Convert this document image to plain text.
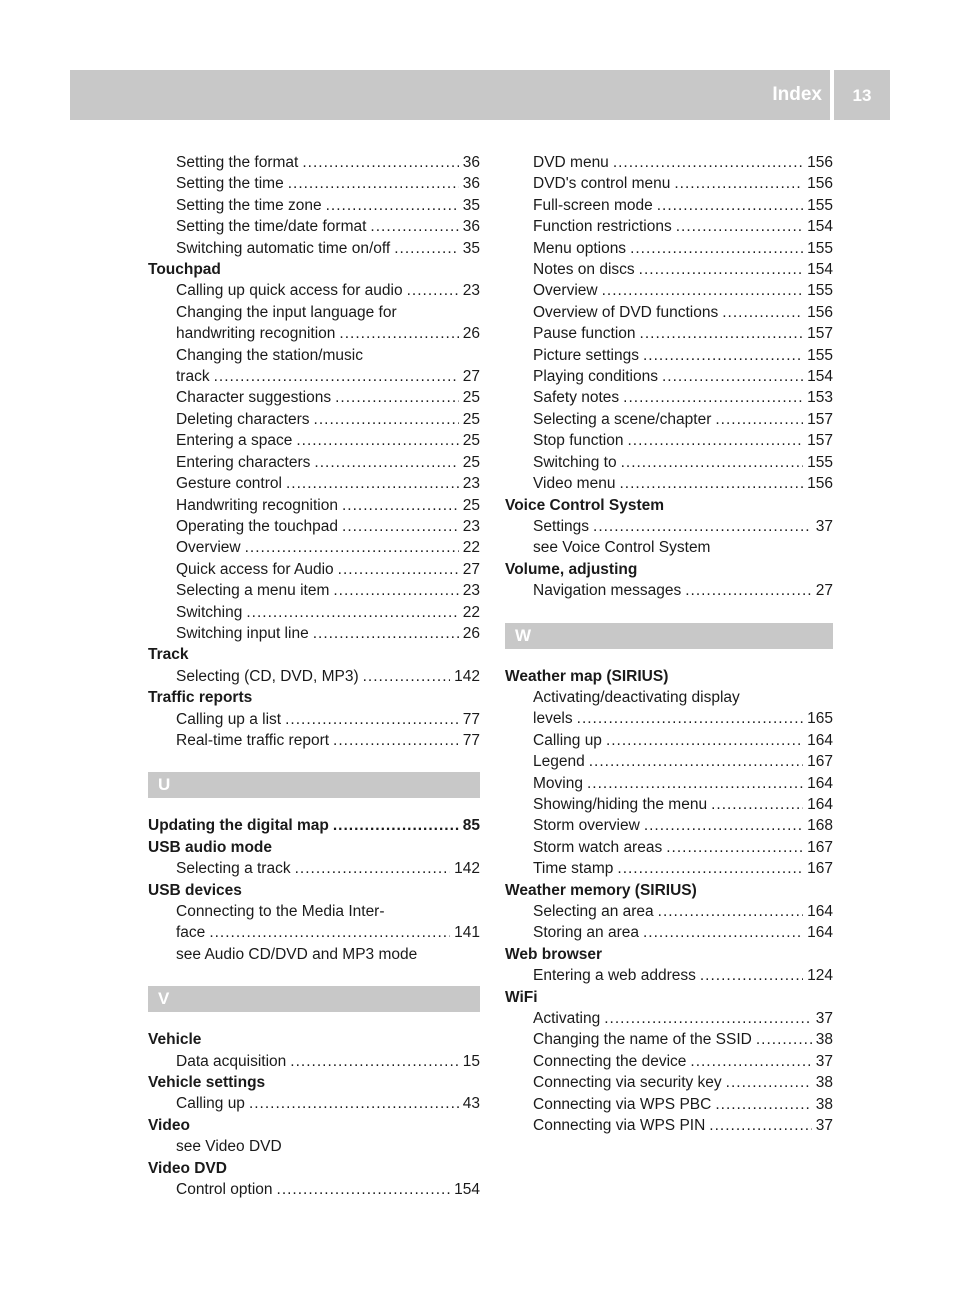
Index	13
Setting the format .....	36
Setting the time .....	36
Setting the time zone .....	35
Setting the time/date format .....	36
Switching automatic time on/off .....	35
Touchpad
Calling up quick access for audio .....	23
Changing the input language for
handwriting recognition .....	26
Changing the station/music
track .....	27
Character suggestions .....	25
Deleting characters .....	25
Entering a space .....	25
Entering characters .....	25
Gesture control .....	23
Handwriting recognition .....	25
Operating the touchpad .....	23
Overview .....	22
Quick access for Audio .....	27
Selecting a menu item .....	23
Switching .....	22
Switching input line .....	26
Track
Selecting (CD, DVD, MP3) .....	142
Traffic reports
Calling up a list .....	77
Real-time traffic report .....	77
U
Updating the digital map .....	85
USB audio mode
Selecting a track .....	142
USB devices
Connecting to the Media Inter-
face .....	141
see Audio CD/DVD and MP3 mode
V
Vehicle
Data acquisition .....	15
Vehicle settings
Calling up .....	43
Video
see Video DVD
Video DVD
Control option .....	154
DVD menu .....	156
DVD's control menu .....	156
Full-screen mode .....	155
Function restrictions .....	154
Menu options .....	155
Notes on discs .....	154
Overview .....	155
Overview of DVD functions .....	156
Pause function .....	157
Picture settings .....	155
Playing conditions .....	154
Safety notes .....	153
Selecting a scene/chapter .....	157
Stop function .....	157
Switching to .....	155
Video menu .....	156
Voice Control System
Settings .....	37
see Voice Control System
Volume, adjusting
Navigation messages .....	27
W
Weather map (SIRIUS)
Activating/deactivating display
levels .....	165
Calling up .....	164
Legend .....	167
Moving .....	164
Showing/hiding the menu .....	164
Storm overview .....	168
Storm watch areas .....	167
Time stamp .....	167
Weather memory (SIRIUS)
Selecting an area .....	164
Storing an area .....	164
Web browser
Entering a web address .....	124
WiFi
Activating .....	37
Changing the name of the SSID .....	38
Connecting the device .....	37
Connecting via security key .....	38
Connecting via WPS PBC .....	38
Connecting via WPS PIN .....	37
